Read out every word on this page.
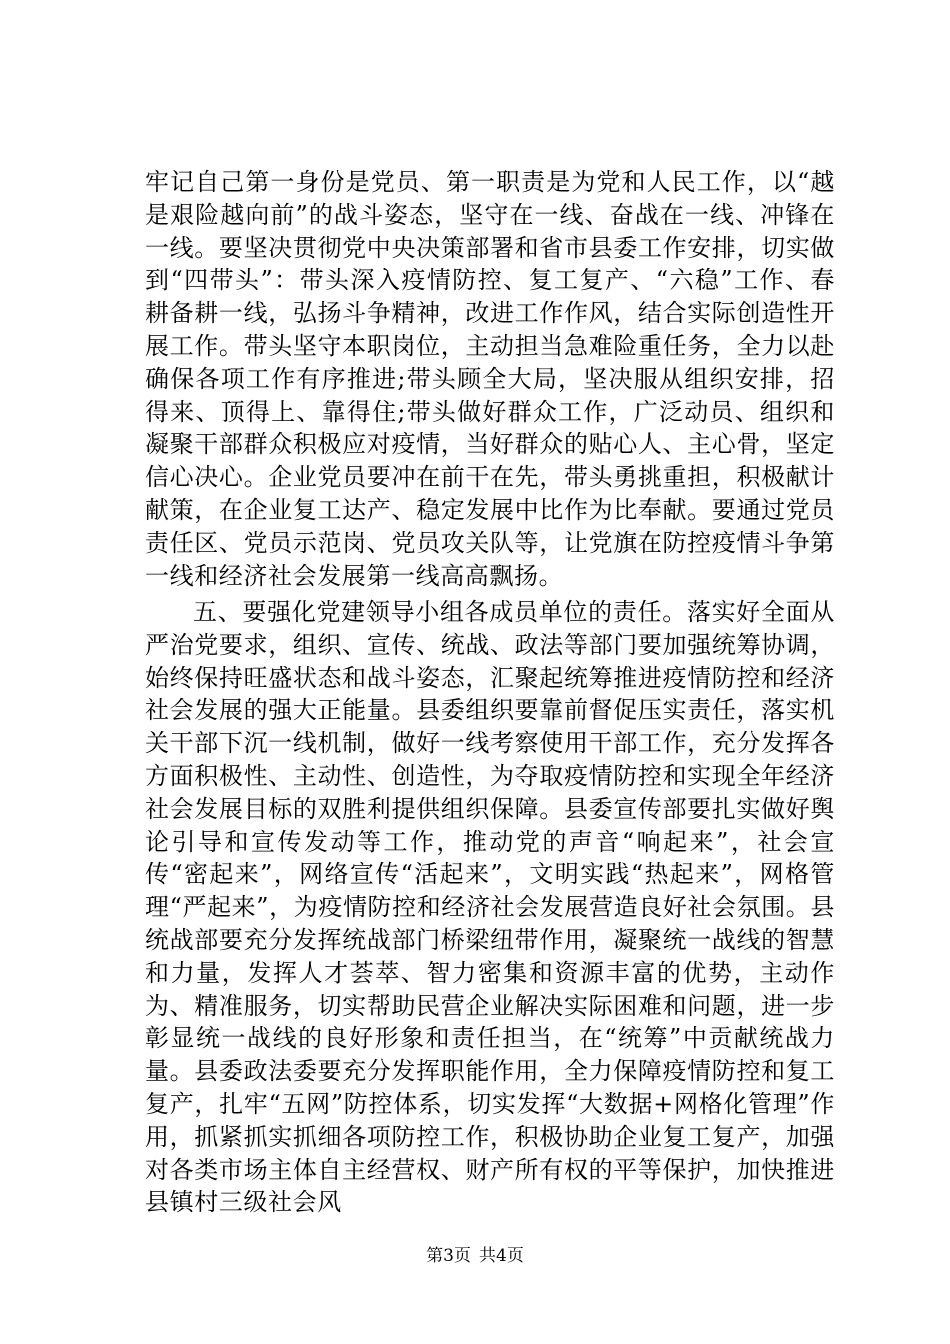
牢记自己第一身份是党员、第一职责是为党和人民工作，以“越是艰险越向前”的战斗姿态，坚守在一线、奋战在一线、冲锋在一线。要坚决贯彻党中央决策部署和省市县委工作安排，切实做到“四带头”：带头深入疫情防控、复工复产、“六稳”工作、春耕备耕一线，弘扬斗争精神，改进工作作风，结合实际创造性开展工作。带头坚守本职岗位，主动担当急难险重任务，全力以赴确保各项工作有序推进;带头顾全大局，坚决服从组织安排，招得来、顶得上、靠得住;带头做好群众工作，广泛动员、组织和凝聚干部群众积极应对疫情，当好群众的贴心人、主心骨，坚定信心决心。企业党员要冲在前干在先，带头勇挑重担，积极献计献策，在企业复工达产、稳定发展中比作为比奉献。要通过党员责任区、党员示范岗、党员攻关队等，让党旗在防控疫情斗争第一线和经济社会发展第一线高高飘扬。

五、要强化党建领导小组各成员单位的责任。落实好全面从严治党要求，组织、宣传、统战、政法等部门要加强统筹协调，始终保持旺盛状态和战斗姿态，汇聚起统筹推进疫情防控和经济社会发展的强大正能量。县委组织要靠前督促压实责任，落实机关干部下沉一线机制，做好一线考察使用干部工作，充分发挥各方面积极性、主动性、创造性，为夺取疫情防控和实现全年经济社会发展目标的双胜利提供组织保障。县委宣传部要扎实做好舆论引导和宣传发动等工作，推动党的声音“响起来”，社会宣传“密起来”，网络宣传“活起来”，文明实践“热起来”，网格管理“严起来”，为疫情防控和经济社会发展营造良好社会氛围。县统战部要充分发挥统战部门桥梁纽带作用，凝聚统一战线的智慧和力量，发挥人才荟萃、智力密集和资源丰富的优势，主动作为、精准服务，切实帮助民营企业解决实际困难和问题，进一步彰显统一战线的良好形象和责任担当，在“统筹”中贡献统战力量。县委政法委要充分发挥职能作用，全力保障疫情防控和复工复产，扎牢“五网”防控体系，切实发挥“大数据+网格化管理”作用，抓紧抓实抓细各项防控工作，积极协助企业复工复产，加强对各类市场主体自主经营权、财产所有权的平等保护，加快推进县镇村三级社会风

第3页 共4页
